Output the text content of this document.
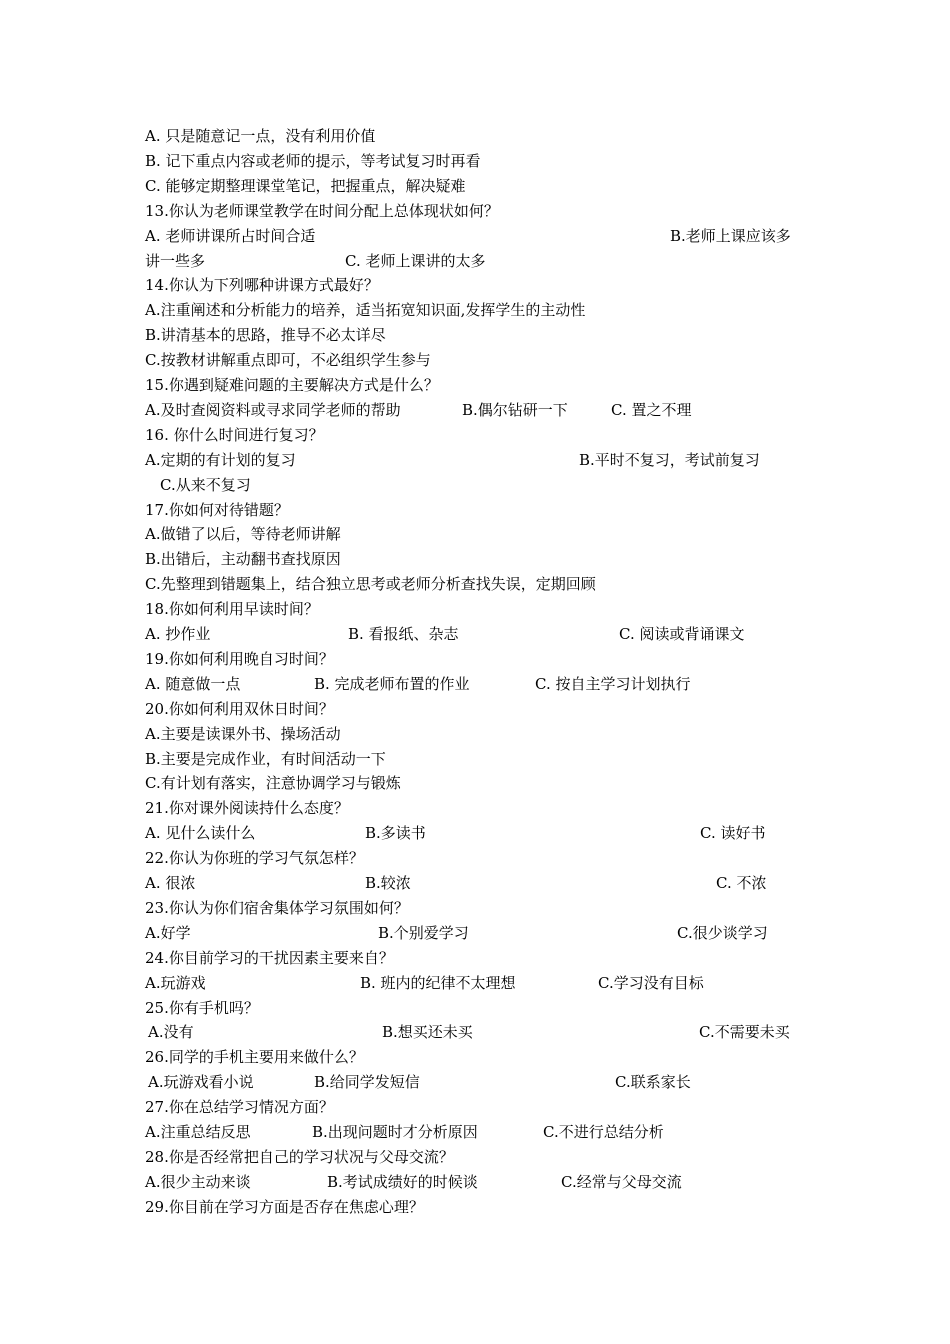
A. 只是随意记一点，没有利用价值
B. 记下重点内容或老师的提示，等考试复习时再看
C. 能够定期整理课堂笔记，把握重点，解决疑难
13.你认为老师课堂教学在时间分配上总体现状如何？
A. 老师讲课所占时间合适	B.老师上课应该多
讲一些多	C. 老师上课讲的太多
14.你认为下列哪种讲课方式最好？
A.注重阐述和分析能力的培养，适当拓宽知识面,发挥学生的主动性
B.讲清基本的思路，推导不必太详尽
C.按教材讲解重点即可，不必组织学生参与
15.你遇到疑难问题的主要解决方式是什么？
A.及时查阅资料或寻求同学老师的帮助	B.偶尔钻研一下	C. 置之不理
16. 你什么时间进行复习？
A.定期的有计划的复习	B.平时不复习，考试前复习
C.从来不复习
17.你如何对待错题？
A.做错了以后，等待老师讲解
B.出错后，主动翻书查找原因
C.先整理到错题集上，结合独立思考或老师分析查找失误，定期回顾
18.你如何利用早读时间？
A. 抄作业	B. 看报纸、杂志	C. 阅读或背诵课文
19.你如何利用晚自习时间？
A. 随意做一点	B. 完成老师布置的作业	C. 按自主学习计划执行
20.你如何利用双休日时间？
A.主要是读课外书、操场活动
B.主要是完成作业，有时间活动一下
C.有计划有落实，注意协调学习与锻炼
21.你对课外阅读持什么态度？
A. 见什么读什么	B.多读书	C. 读好书
22.你认为你班的学习气氛怎样？
A. 很浓	B.较浓	C. 不浓
23.你认为你们宿舍集体学习氛围如何？
A.好学	B.个别爱学习	C.很少谈学习
24.你目前学习的干扰因素主要来自？
A.玩游戏	B. 班内的纪律不太理想	C.学习没有目标
25.你有手机吗？
A.没有	B.想买还未买	C.不需要未买
26.同学的手机主要用来做什么？
A.玩游戏看小说	B.给同学发短信	C.联系家长
27.你在总结学习情况方面？
A.注重总结反思	B.出现问题时才分析原因	C.不进行总结分析
28.你是否经常把自己的学习状况与父母交流？
A.很少主动来谈	B.考试成绩好的时候谈	C.经常与父母交流
29.你目前在学习方面是否存在焦虑心理？
